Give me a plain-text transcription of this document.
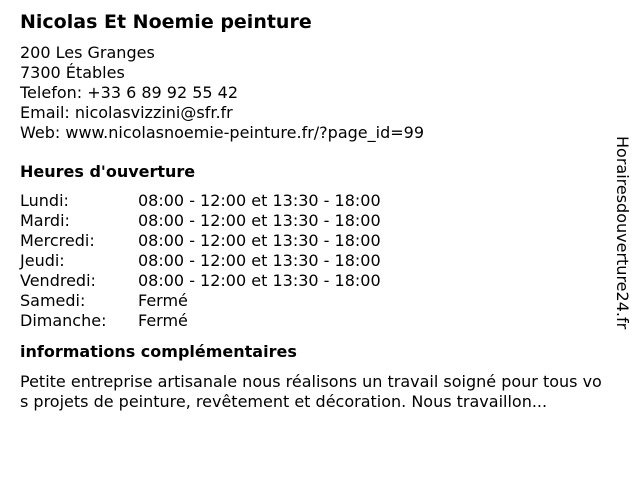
Nicolas Et Noemie peinture
200 Les Granges
7300 Étables
Telefon: +33 6 89 92 55 42
Email: nicolasvizzini@sfr.fr
Web: www.nicolasnoemie-peinture.fr/?page_id=99
Heures d'ouverture
Lundi:	08:00 - 12:00 et 13:30 - 18:00
Mardi:	08:00 - 12:00 et 13:30 - 18:00
Mercredi:	08:00 - 12:00 et 13:30 - 18:00
Jeudi:	08:00 - 12:00 et 13:30 - 18:00
Vendredi:	08:00 - 12:00 et 13:30 - 18:00
Samedi:	Fermé
Dimanche:	Fermé
informations complémentaires
Petite entreprise artisanale nous réalisons un travail soigné pour tous vos projets de peinture, revêtement et décoration. Nous travaillon...
Horairesdouverture24.fr
